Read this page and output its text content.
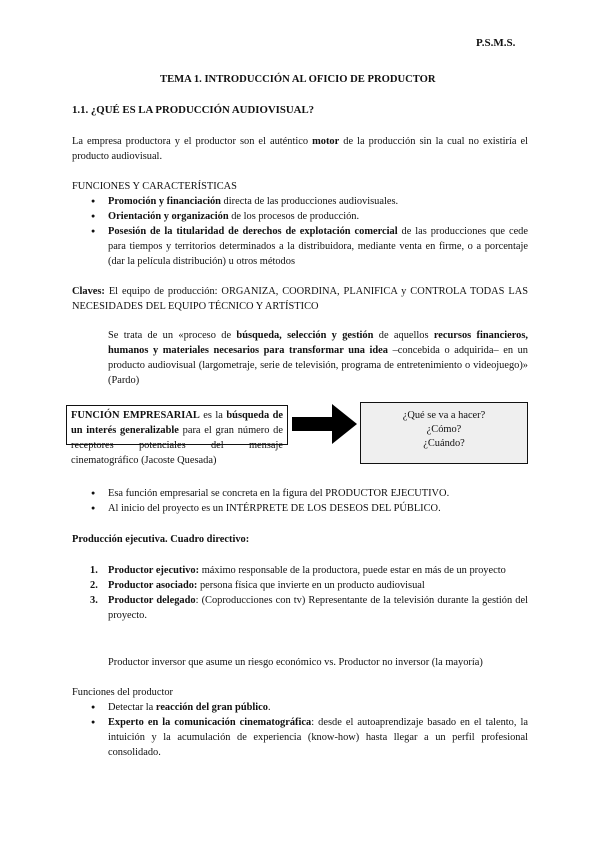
P.S.M.S.
TEMA 1. INTRODUCCIÓN AL OFICIO DE PRODUCTOR
1.1. ¿QUÉ ES LA PRODUCCIÓN AUDIOVISUAL?
La empresa productora y el productor son el auténtico motor de la producción sin la cual no existiría el producto audiovisual.
FUNCIONES Y CARACTERÍSTICAS
● Promoción y financiación directa de las producciones audiovisuales.
● Orientación y organización de los procesos de producción.
● Posesión de la titularidad de derechos de explotación comercial de las producciones que cede para tiempos y territorios determinados a la distribuidora, mediante venta en firme, o a porcentaje (dar la película distribución) u otros métodos
Claves: El equipo de producción: ORGANIZA, COORDINA, PLANIFICA y CONTROLA TODAS LAS NECESIDADES DEL EQUIPO TÉCNICO Y ARTÍSTICO
Se trata de un «proceso de búsqueda, selección y gestión de aquellos recursos financieros, humanos y materiales necesarios para transformar una idea –concebida o adquirida– en un producto audiovisual (largometraje, serie de televisión, programa de entretenimiento o videojuego)» (Pardo)
FUNCIÓN EMPRESARIAL es la búsqueda de un interés generalizable para el gran número de receptores potenciales del mensaje cinematográfico (Jacoste Quesada)
¿Qué se va a hacer?
¿Cómo?
¿Cuándo?
● Esa función empresarial se concreta en la figura del PRODUCTOR EJECUTIVO.
● Al inicio del proyecto es un INTÉRPRETE DE LOS DESEOS DEL PÚBLICO.
Producción ejecutiva. Cuadro directivo:
1. Productor ejecutivo: máximo responsable de la productora, puede estar en más de un proyecto
2. Productor asociado: persona física que invierte en un producto audiovisual
3. Productor delegado: (Coproducciones con tv) Representante de la televisión durante la gestión del proyecto.
Productor inversor que asume un riesgo económico vs. Productor no inversor (la mayoría)
Funciones del productor
● Detectar la reacción del gran público.
● Experto en la comunicación cinematográfica: desde el autoaprendizaje basado en el talento, la intuición y la acumulación de experiencia (know-how) hasta llegar a un perfil profesional consolidado.
